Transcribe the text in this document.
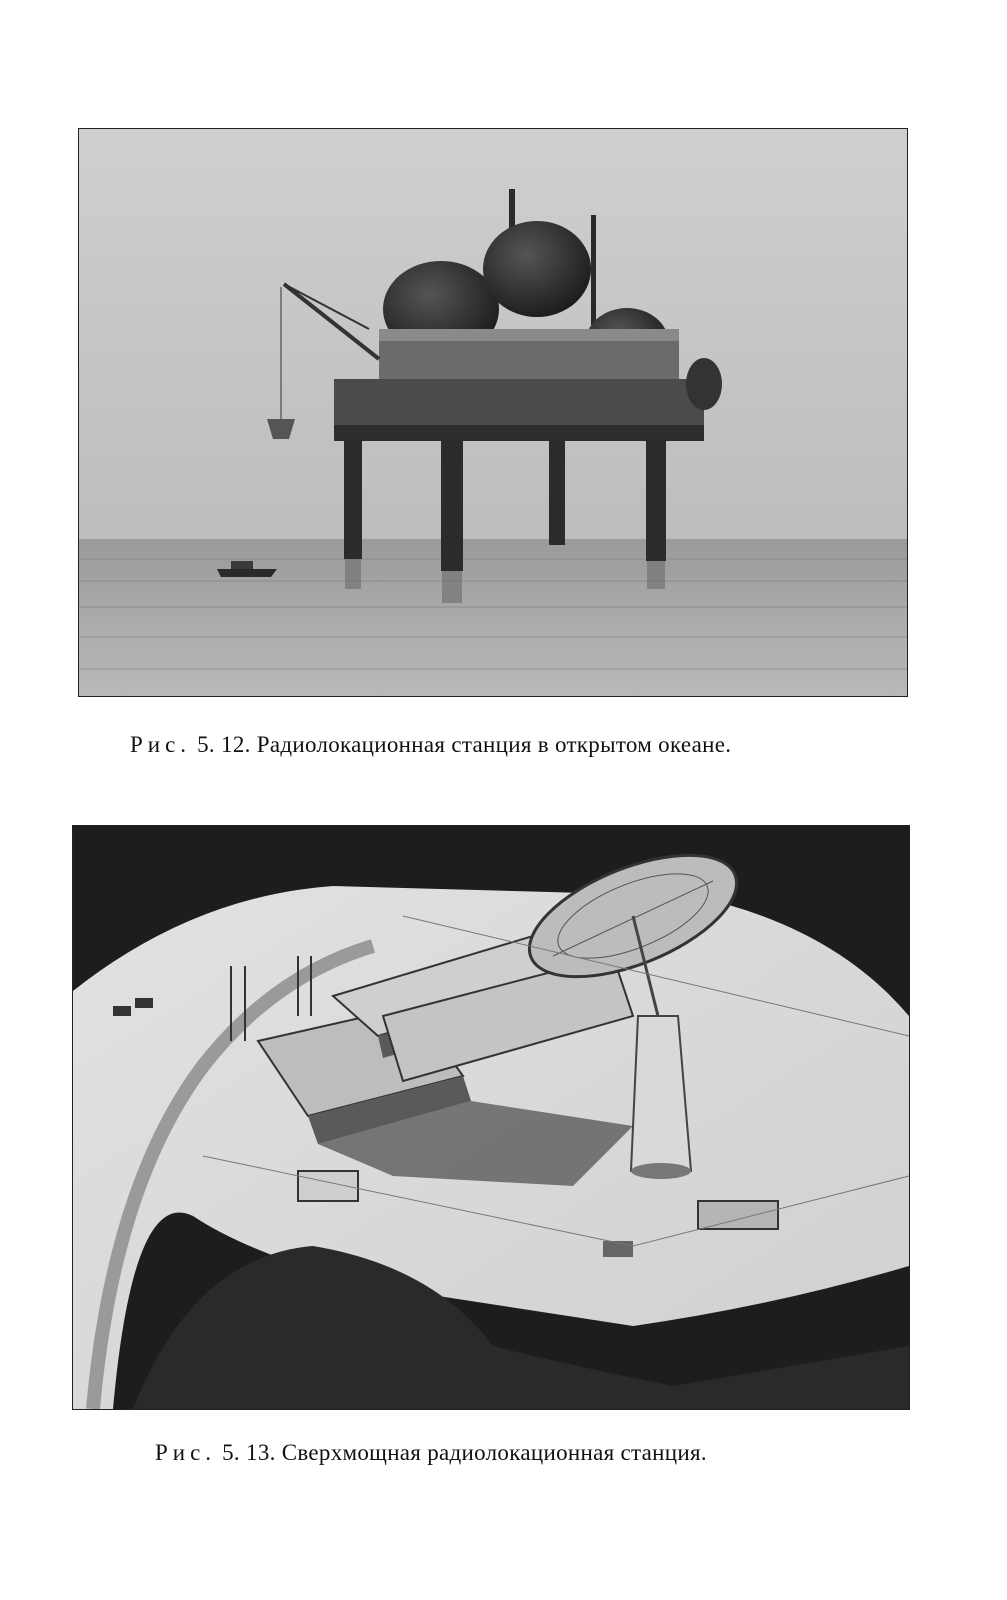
Рис. 5. 12. Радиолокационная станция в открытом океане.
Рис. 5. 13. Сверхмощная радиолокационная станция.
